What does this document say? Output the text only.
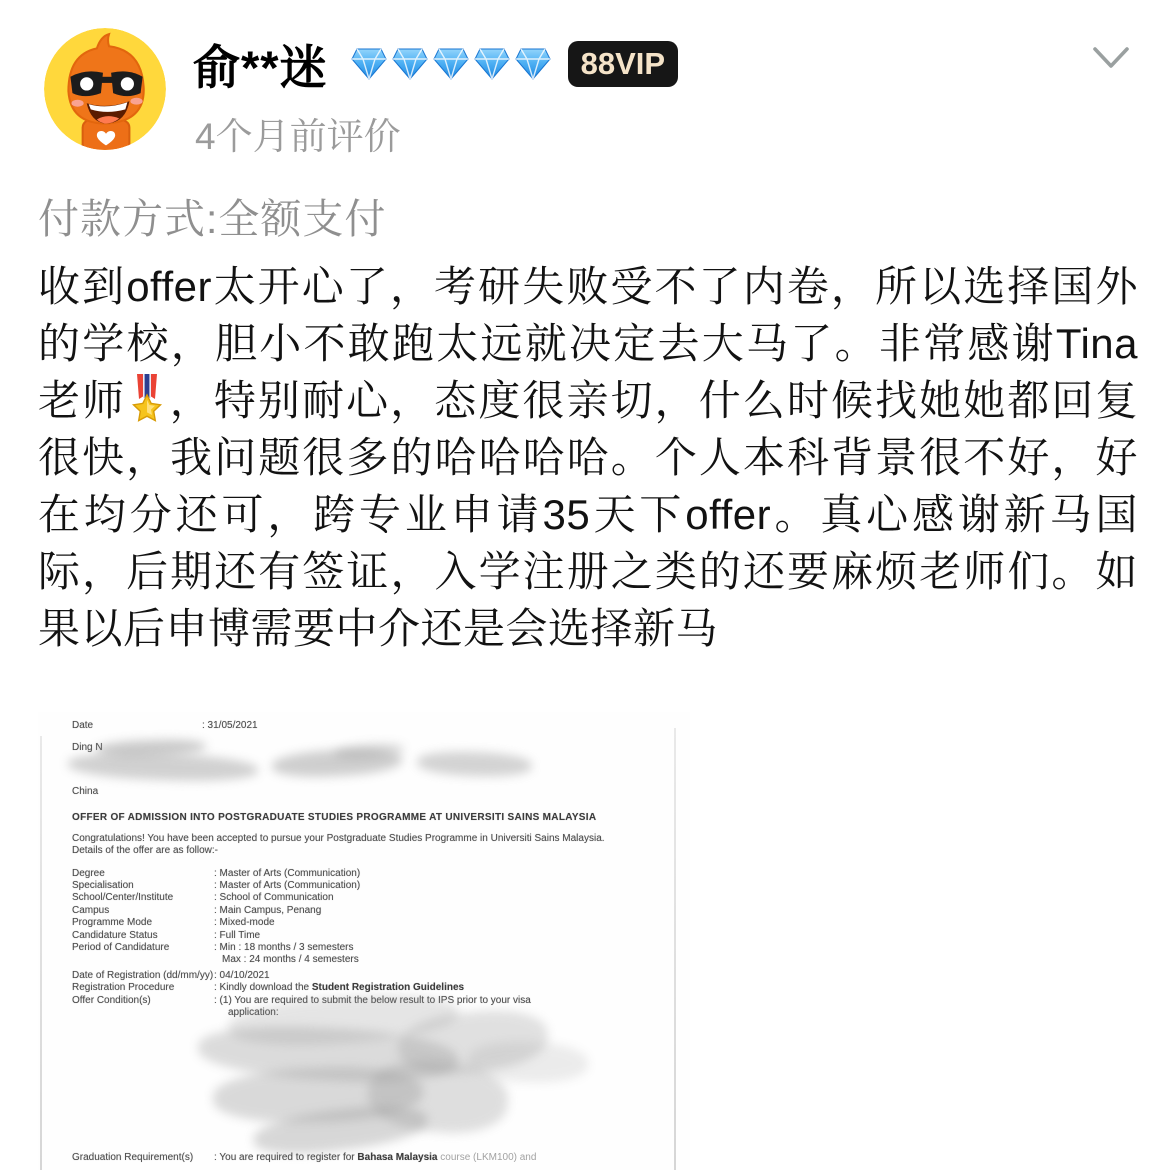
俞**迷	88VIP
4个月前评价
付款方式:全额支付
收到offer太开心了，考研失败受不了内卷，所以选择国外的学校，胆小不敢跑太远就决定去大马了。非常感谢Tina老师 ，特别耐心，态度很亲切，什么时候找她她都回复很快，我问题很多的哈哈哈哈。个人本科背景很不好，好在均分还可，跨专业申请35天下offer。真心感谢新马国际，后期还有签证，入学注册之类的还要麻烦老师们。如果以后申博需要中介还是会选择新马
Date	: 31/05/2021
Ding N
China
OFFER OF ADMISSION INTO POSTGRADUATE STUDIES PROGRAMME AT UNIVERSITI SAINS MALAYSIA
Congratulations! You have been accepted to pursue your Postgraduate Studies Programme in Universiti Sains Malaysia.
Details of the offer are as follow:-
Degree	: Master of Arts (Communication)
Specialisation	: Master of Arts (Communication)
School/Center/Institute	: School of Communication
Campus	: Main Campus, Penang
Programme Mode	: Mixed-mode
Candidature Status	: Full Time
Period of Candidature	: Min : 18 months / 3 semesters
Max : 24 months / 4 semesters
Date of Registration (dd/mm/yy) : 04/10/2021
Registration Procedure	: Kindly download the Student Registration Guidelines
Offer Condition(s)	: (1) You are required to submit the below result to IPS prior to your visa
application:
Graduation Requirement(s)	: You are required to register for Bahasa Malaysia course (LKM100) and
